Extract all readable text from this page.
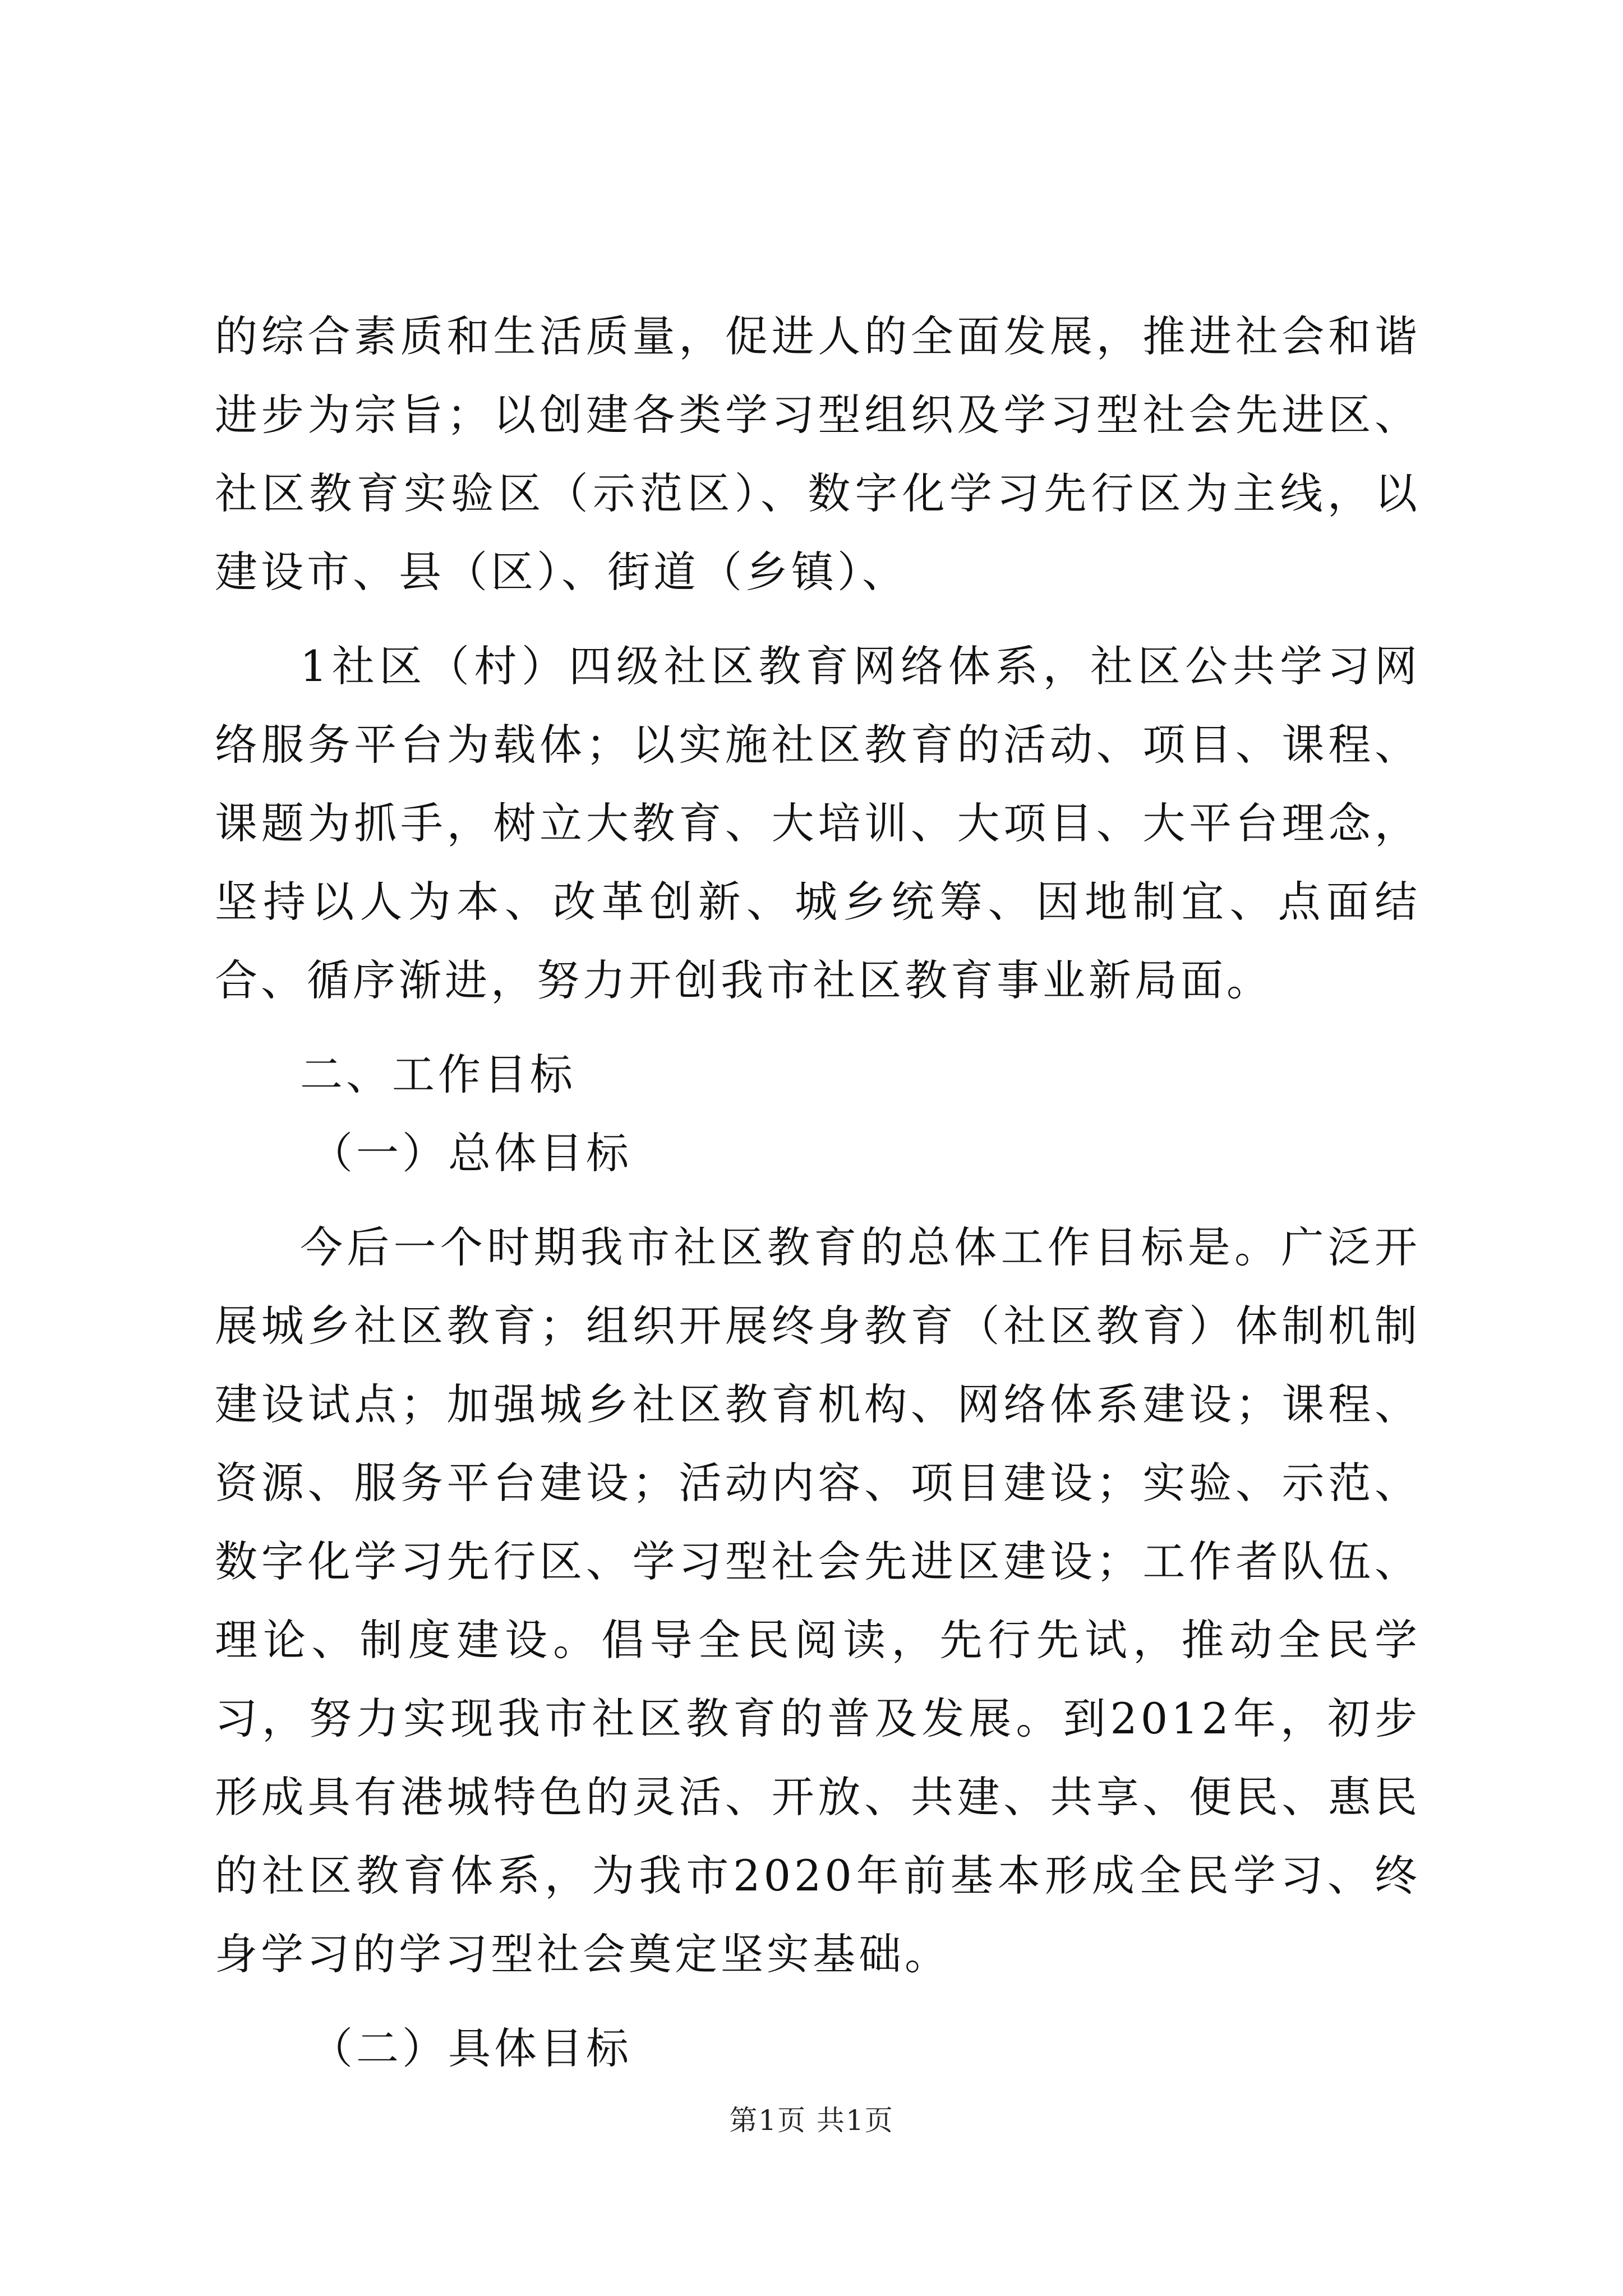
的综合素质和生活质量，促进人的全面发展，推进社会和谐进步为宗旨；以创建各类学习型组织及学习型社会先进区、社区教育实验区（示范区）、数字化学习先行区为主线，以建设市、县（区）、街道（乡镇）、

1社区（村）四级社区教育网络体系，社区公共学习网络服务平台为载体；以实施社区教育的活动、项目、课程、课题为抓手，树立大教育、大培训、大项目、大平台理念，坚持以人为本、改革创新、城乡统筹、因地制宜、点面结合、循序渐进，努力开创我市社区教育事业新局面。

二、工作目标

（一）总体目标

今后一个时期我市社区教育的总体工作目标是。广泛开展城乡社区教育；组织开展终身教育（社区教育）体制机制建设试点；加强城乡社区教育机构、网络体系建设；课程、资源、服务平台建设；活动内容、项目建设；实验、示范、数字化学习先行区、学习型社会先进区建设；工作者队伍、理论、制度建设。倡导全民阅读，先行先试，推动全民学习，努力实现我市社区教育的普及发展。到2012年，初步形成具有港城特色的灵活、开放、共建、共享、便民、惠民的社区教育体系，为我市2020年前基本形成全民学习、终身学习的学习型社会奠定坚实基础。

（二）具体目标

第1页 共1页
